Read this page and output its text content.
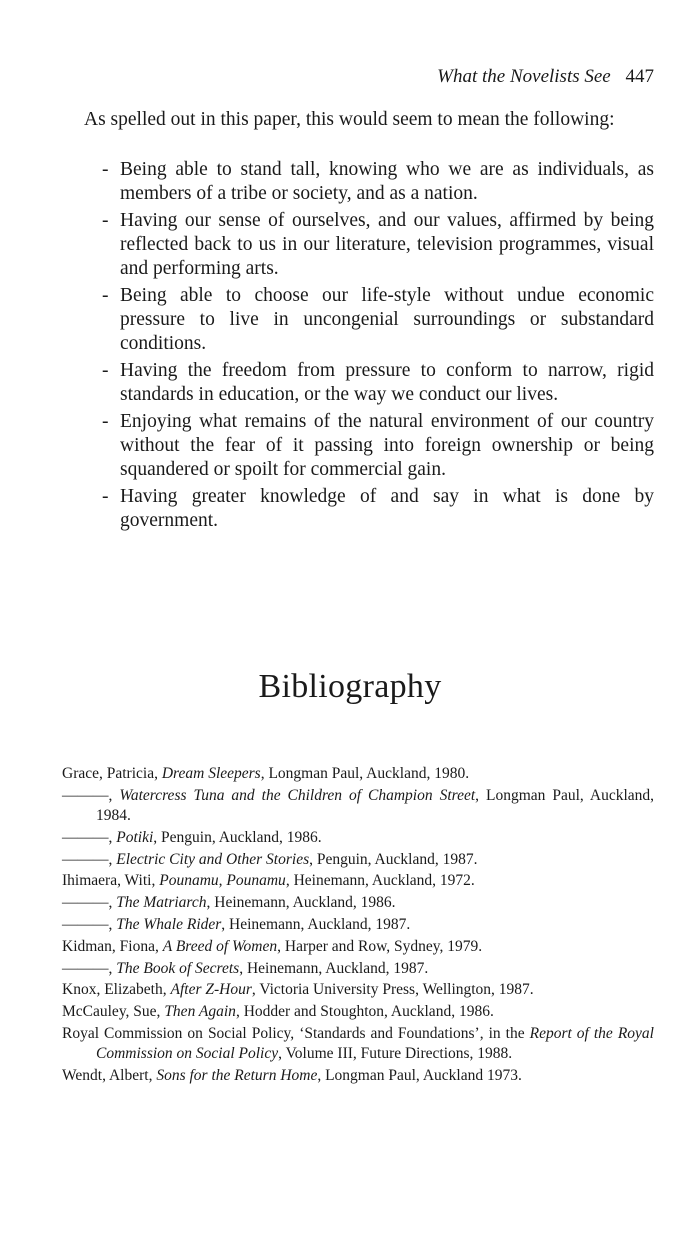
What the Novelists See 447

As spelled out in this paper, this would seem to mean the following:

- Being able to stand tall, knowing who we are as individuals, as members of a tribe or society, and as a nation.
- Having our sense of ourselves, and our values, affirmed by being reflected back to us in our literature, television programmes, visual and performing arts.
- Being able to choose our life-style without undue economic pressure to live in uncongenial surroundings or substandard conditions.
- Having the freedom from pressure to conform to narrow, rigid standards in education, or the way we conduct our lives.
- Enjoying what remains of the natural environment of our country without the fear of it passing into foreign ownership or being squandered or spoilt for commercial gain.
- Having greater knowledge of and say in what is done by government.
Bibliography
Grace, Patricia, Dream Sleepers, Longman Paul, Auckland, 1980.
———, Watercress Tuna and the Children of Champion Street, Longman Paul, Auckland, 1984.
———, Potiki, Penguin, Auckland, 1986.
———, Electric City and Other Stories, Penguin, Auckland, 1987.
Ihimaera, Witi, Pounamu, Pounamu, Heinemann, Auckland, 1972.
———, The Matriarch, Heinemann, Auckland, 1986.
———, The Whale Rider, Heinemann, Auckland, 1987.
Kidman, Fiona, A Breed of Women, Harper and Row, Sydney, 1979.
———, The Book of Secrets, Heinemann, Auckland, 1987.
Knox, Elizabeth, After Z-Hour, Victoria University Press, Wellington, 1987.
McCauley, Sue, Then Again, Hodder and Stoughton, Auckland, 1986.
Royal Commission on Social Policy, ‘Standards and Foundations’, in the Report of the Royal Commission on Social Policy, Volume III, Future Directions, 1988.
Wendt, Albert, Sons for the Return Home, Longman Paul, Auckland 1973.
